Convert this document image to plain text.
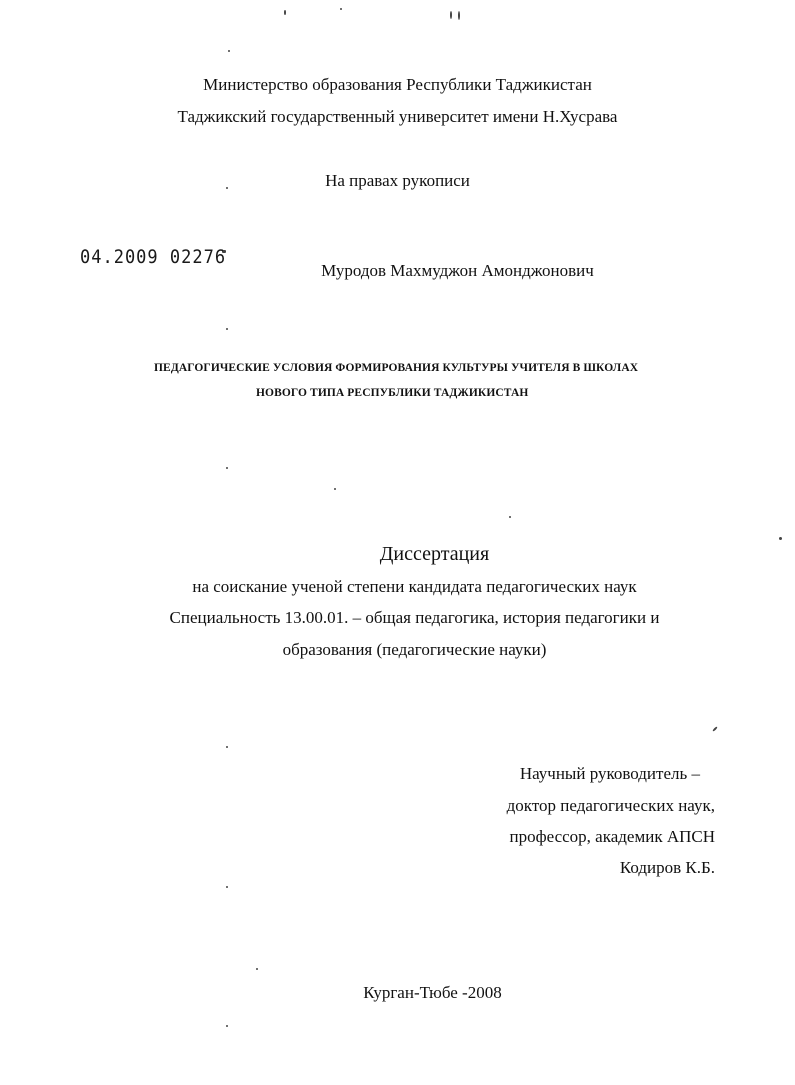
Министерство образования Республики Таджикистан
Таджикский государственный университет имени Н.Хусрава
На правах рукописи
04.2009 02276
Муродов Махмуджон Амонджонович
ПЕДАГОГИЧЕСКИЕ УСЛОВИЯ ФОРМИРОВАНИЯ КУЛЬТУРЫ УЧИТЕЛЯ В ШКОЛАХ
НОВОГО ТИПА РЕСПУБЛИКИ ТАДЖИКИСТАН
Диссертация
на соискание ученой степени кандидата педагогических наук
Специальность 13.00.01. – общая педагогика, история педагогики и
образования (педагогические науки)
Научный руководитель –
доктор педагогических наук,
профессор, академик АПСН
Кодиров К.Б.
Курган-Тюбе -2008
